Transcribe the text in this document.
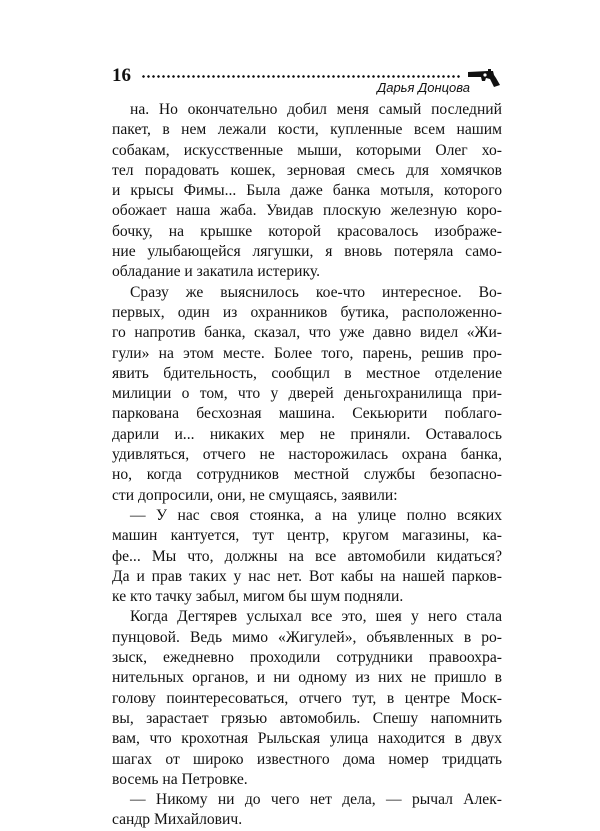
16
Дарья Донцова
на. Но окончательно добил меня самый последний
пакет, в нем лежали кости, купленные всем нашим
собакам, искусственные мыши, которыми Олег хо-
тел порадовать кошек, зерновая смесь для хомячков
и крысы Фимы... Была даже банка мотыля, которого
обожает наша жаба. Увидав плоскую железную коро-
бочку, на крышке которой красовалось изображе-
ние улыбающейся лягушки, я вновь потеряла само-
обладание и закатила истерику.
Сразу же выяснилось кое-что интересное. Во-
первых, один из охранников бутика, расположенно-
го напротив банка, сказал, что уже давно видел «Жи-
гули» на этом месте. Более того, парень, решив про-
явить бдительность, сообщил в местное отделение
милиции о том, что у дверей деньгохранилища при-
паркована бесхозная машина. Секьюрити поблаго-
дарили и... никаких мер не приняли. Оставалось
удивляться, отчего не насторожилась охрана банка,
но, когда сотрудников местной службы безопасно-
сти допросили, они, не смущаясь, заявили:
— У нас своя стоянка, а на улице полно всяких
машин кантуется, тут центр, кругом магазины, ка-
фе... Мы что, должны на все автомобили кидаться?
Да и прав таких у нас нет. Вот кабы на нашей парков-
ке кто тачку забыл, мигом бы шум подняли.
Когда Дегтярев услыхал все это, шея у него стала
пунцовой. Ведь мимо «Жигулей», объявленных в ро-
зыск, ежедневно проходили сотрудники правоохра-
нительных органов, и ни одному из них не пришло в
голову поинтересоваться, отчего тут, в центре Моск-
вы, зарастает грязью автомобиль. Спешу напомнить
вам, что крохотная Рыльская улица находится в двух
шагах от широко известного дома номер тридцать
восемь на Петровке.
— Никому ни до чего нет дела, — рычал Алек-
сандр Михайлович.
